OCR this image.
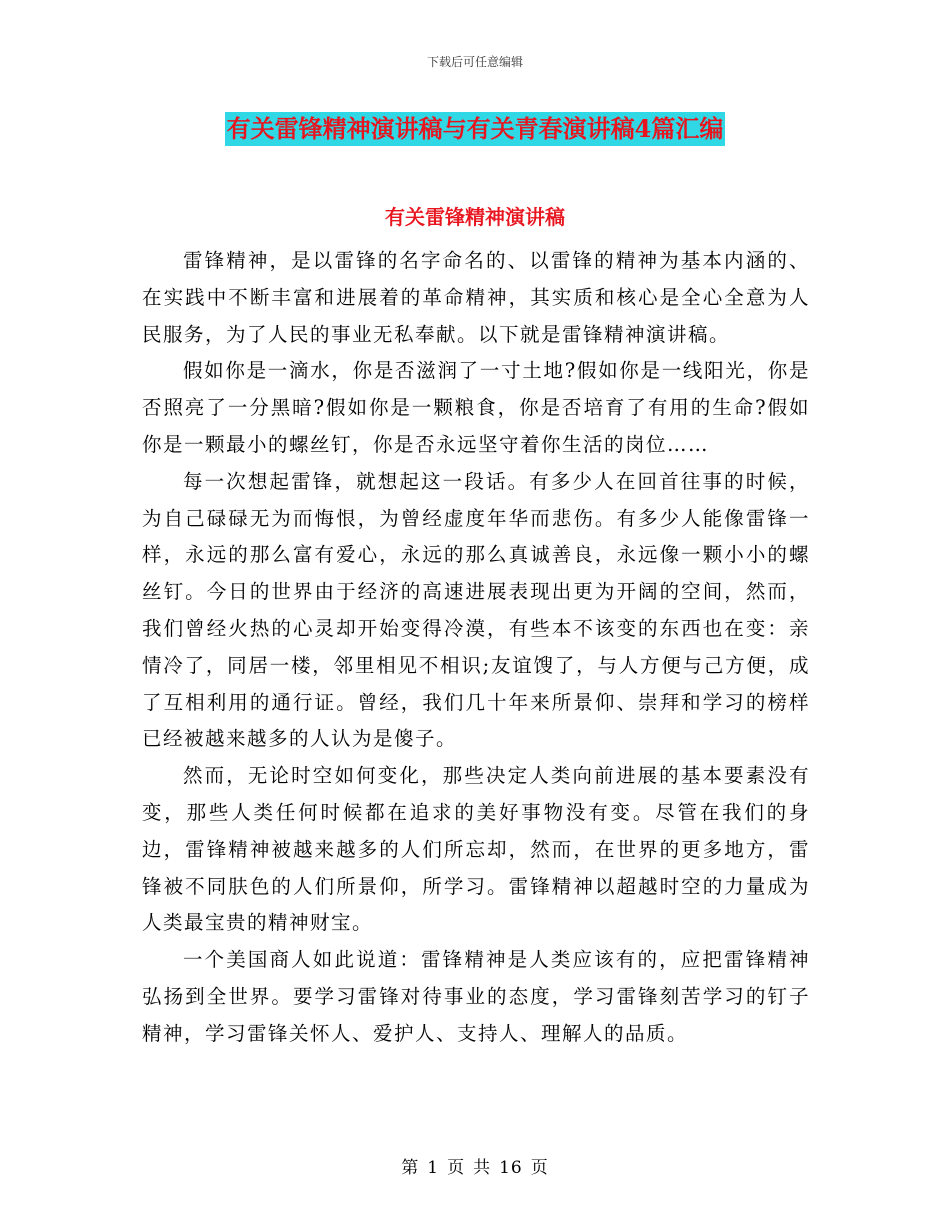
下载后可任意编辑
有关雷锋精神演讲稿与有关青春演讲稿4篇汇编
有关雷锋精神演讲稿

雷锋精神，是以雷锋的名字命名的、以雷锋的精神为基本内涵的、在实践中不断丰富和进展着的革命精神，其实质和核心是全心全意为人民服务，为了人民的事业无私奉献。以下就是雷锋精神演讲稿。

假如你是一滴水，你是否滋润了一寸土地?假如你是一线阳光，你是否照亮了一分黑暗?假如你是一颗粮食，你是否培育了有用的生命?假如你是一颗最小的螺丝钉，你是否永远坚守着你生活的岗位……

每一次想起雷锋，就想起这一段话。有多少人在回首往事的时候， 为自己碌碌无为而悔恨，为曾经虚度年华而悲伤。有多少人能像雷锋一样，永远的那么富有爱心，永远的那么真诚善良，永远像一颗小小的螺丝钉。今日的世界由于经济的高速进展表现出更为开阔的空间，然而，我们曾经火热的心灵却开始变得冷漠，有些本不该变的东西也在变：亲情冷了，同居一楼，邻里相见不相识;友谊馊了，与人方便与己方便，成了互相利用的通行证。曾经，我们几十年来所景仰、崇拜和学习的榜样已经被越来越多的人认为是傻子。

然而，无论时空如何变化，那些决定人类向前进展的基本要素没有变，那些人类任何时候都在追求的美好事物没有变。尽管在我们的身边，雷锋精神被越来越多的人们所忘却，然而，在世界的更多地方，雷锋被不同肤色的人们所景仰，所学习。雷锋精神以超越时空的力量成为人类最宝贵的精神财宝。

一个美国商人如此说道：雷锋精神是人类应该有的，应把雷锋精神弘扬到全世界。要学习雷锋对待事业的态度，学习雷锋刻苦学习的钉子精神，学习雷锋关怀人、爱护人、支持人、理解人的品质。

第 1 页 共 16 页
